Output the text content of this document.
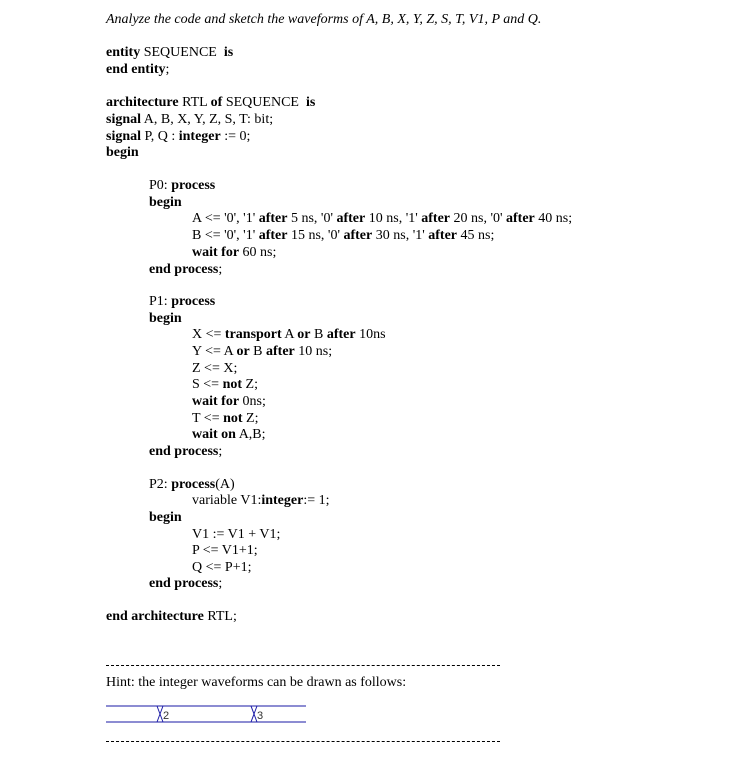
Analyze the code and sketch the waveforms of A, B, X, Y, Z, S, T, V1, P and Q.
entity SEQUENCE is
end entity;
architecture RTL of SEQUENCE is
signal A, B, X, Y, Z, S, T: bit;
signal P, Q : integer := 0;
begin
P0: process
begin
A <= '0', '1' after 5 ns, '0' after 10 ns, '1' after 20 ns, '0' after 40 ns;
B <= '0', '1' after 15 ns, '0' after 30 ns, '1' after 45 ns;
wait for 60 ns;
end process;
P1: process
begin
X <= transport A or B after 10ns
Y <= A or B after 10 ns;
Z <= X;
S <= not Z;
wait for 0ns;
T <= not Z;
wait on A,B;
end process;
P2: process(A)
variable V1:integer:= 1;
begin
V1 := V1 + V1;
P <= V1+1;
Q <= P+1;
end process;
end architecture RTL;
Hint: the integer waveforms can be drawn as follows:
2	3
